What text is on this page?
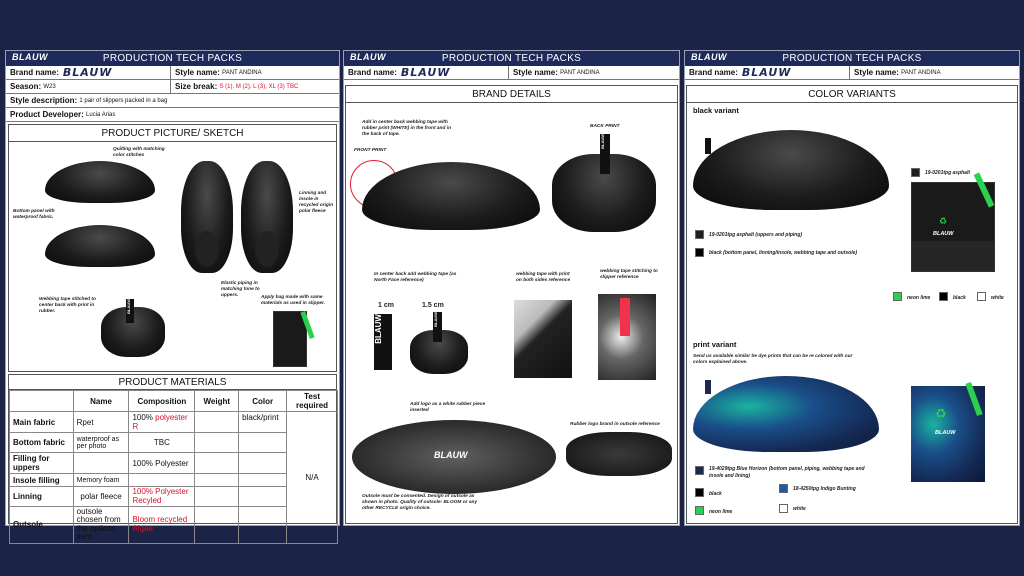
BLAUW	PRODUCTION TECH PACKS
Brand name: BLAUW	Style name:
PANT ANDINA
Season:
W23	Size break:
S (1), M (2), L (3), XL (3) TBC
Style description:
1 pair of slippers packed in a bag
Product Developer:
Lucia Arias
PRODUCT PICTURE/ SKETCH
BLAUW
Quilting with matching color stitches
Bottom panel with waterproof fabric.
Linning and insole in recycled origin polar fleece
Elastic piping in matching tone to uppers.
Webbing tape stitched to center back with print in rubber.
Apply bag made with same materials as used in slipper.
PRODUCT MATERIALS
	Name	Composition	Weight	Color	Test required
Main fabric	Rpet	100% polyester R		black/print	N/A
Bottom fabric	waterproof as per photo	TBC			
Filling for uppers		100% Polyester			
Insole filling	Memory foam				
Linning	polar fleece	100% Polyester Recyled			
Outsole	outsole chosen from the options sent	Bloom recycled Algae			
BLAUW	PRODUCTION TECH PACKS
Brand name: BLAUW	Style name:
PANT ANDINA
BRAND DETAILS
Add in center back webbing tape with rubber print (WHITE) in the front and in the back of tape.
FRONT PRINT
BACK PRINT
BLAUW
In center back add webbing tape (as North Face reference)
webbing tape with print on both sides reference
webbing tape stitching to slipper reference
1 cm	1.5 cm
BLAUW	BLAUW
Add logo as a white rubber piece inserted
BLAUW
Rubber logo brand in outsole reference
Outsole must be consented. Design of outsole as shown in photo. Quality of outsole: BLOOM or any other RECYCLE origin choice.
BLAUW	PRODUCTION TECH PACKS
Brand name: BLAUW	Style name:
PANT ANDINA
COLOR VARIANTS
black variant
BLAUW
♻
19-0201tpg asphalt
19-0201tpg asphalt (uppers and piping)
black (bottom panel, linning/insole, webbing tape and outsole)
neon lime	black	white
print variant
Send us available similar tie dye prints that can be re colored with our colors explained above.
♻
BLAUW
19-4029tpg Blue Horizon (bottom panel, piping, webbing tape and insole and lining)
black
18-4250tpg Indigo Bunting
neon lime	white
